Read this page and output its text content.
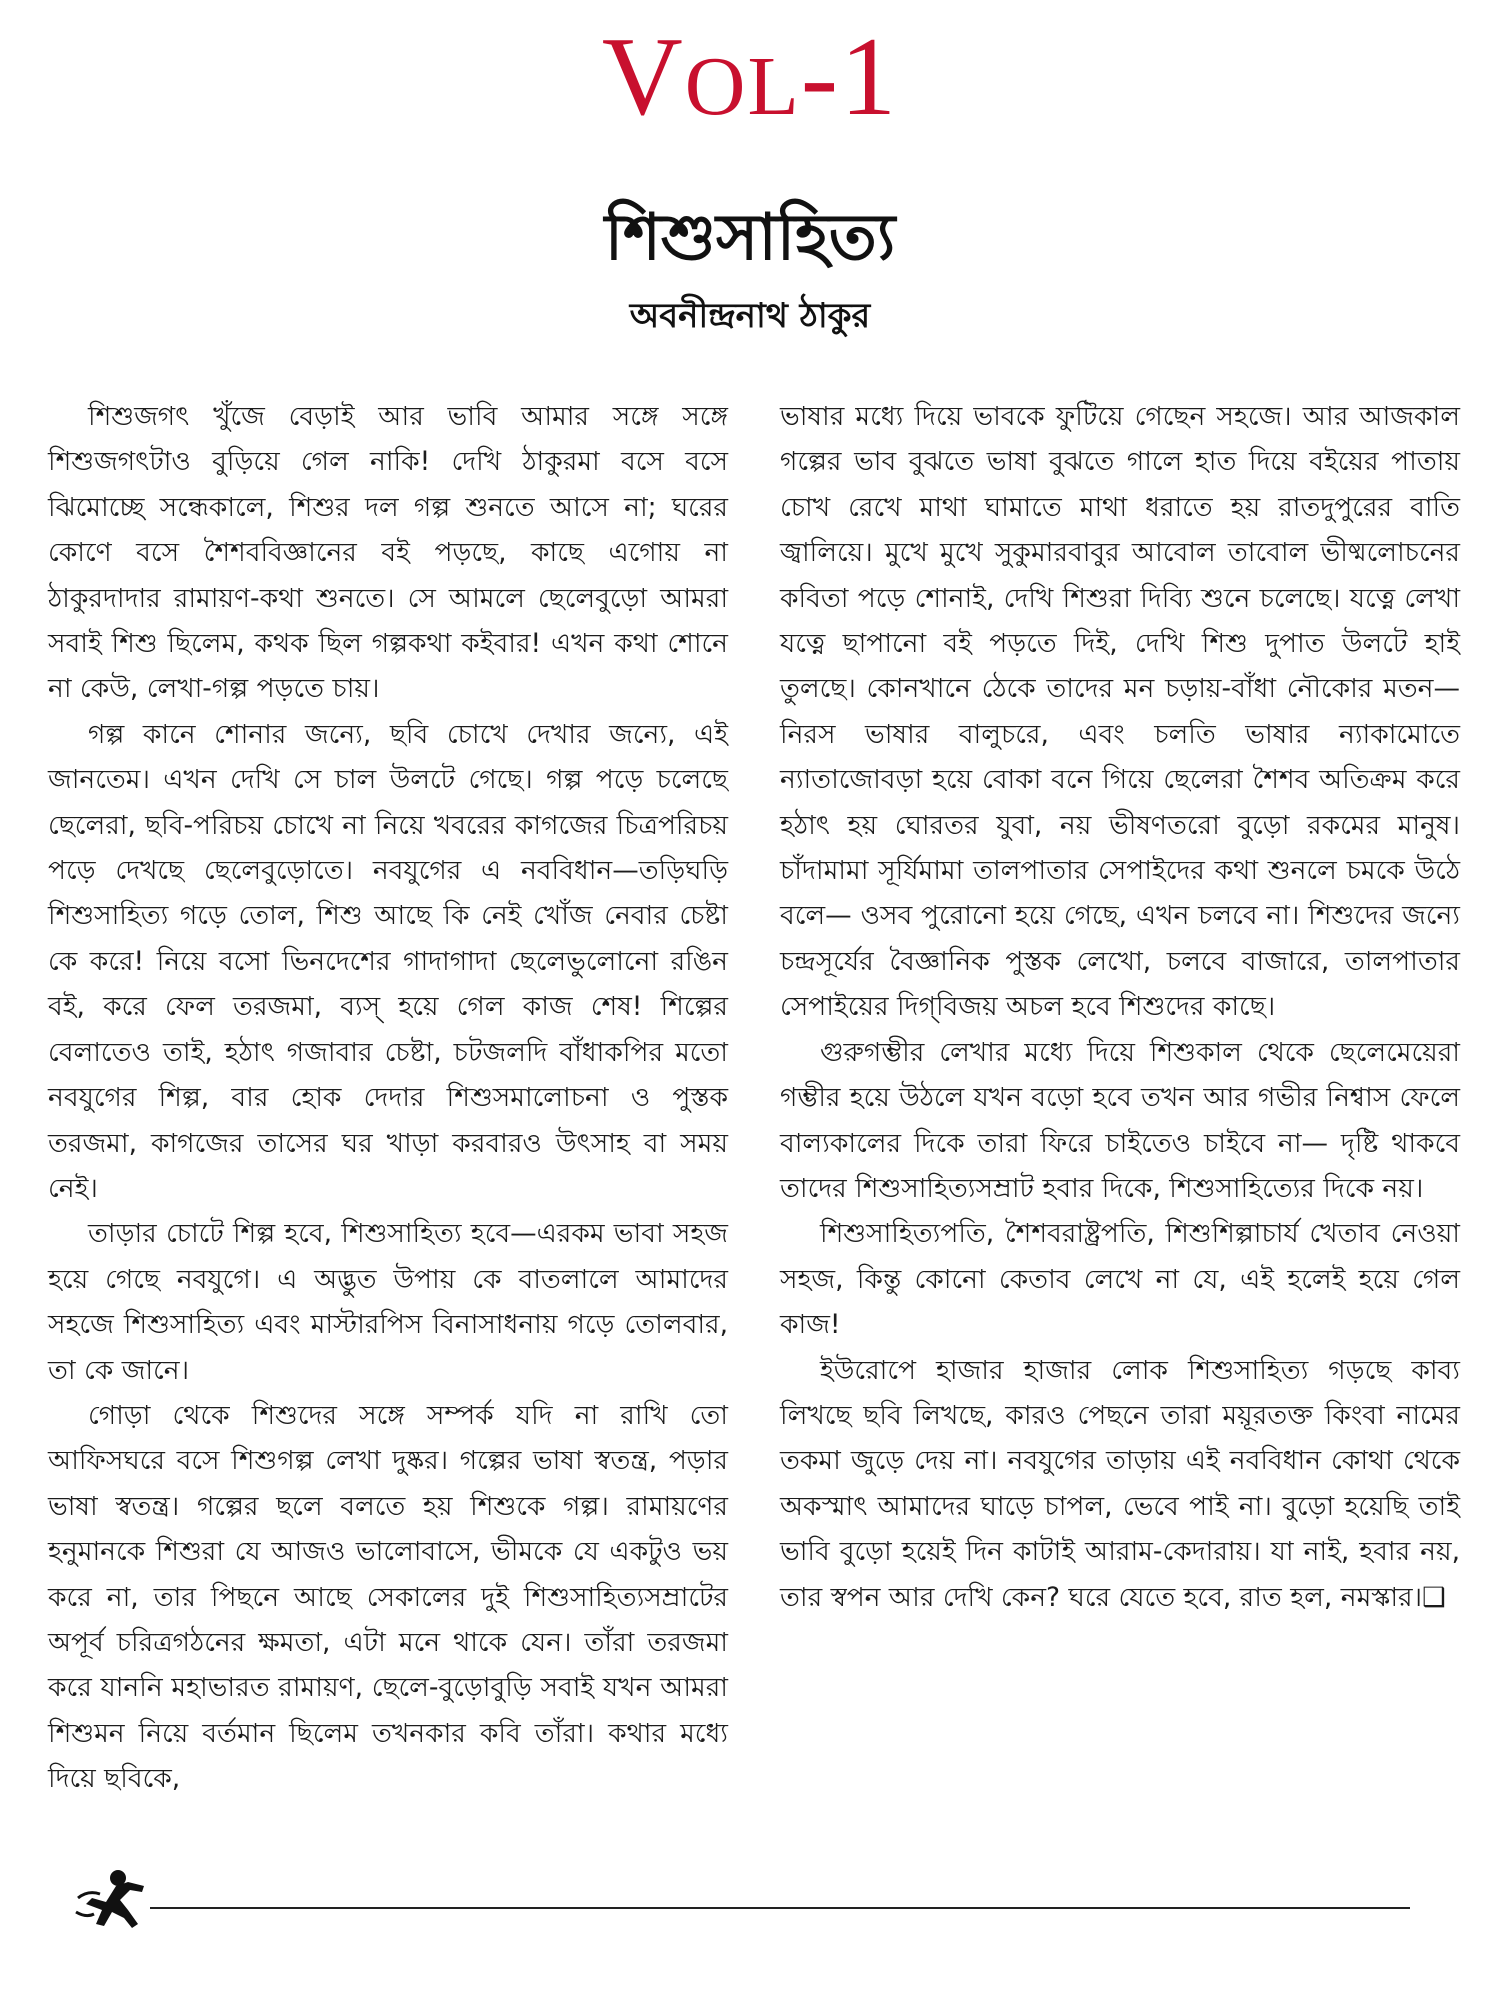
VOL-1
শিশুসাহিত্য
অবনীন্দ্রনাথ ঠাকুর

শিশুজগৎ খুঁজে বেড়াই আর ভাবি আমার সঙ্গে সঙ্গে শিশুজগৎটাও বুড়িয়ে গেল নাকি! দেখি ঠাকুরমা বসে বসে ঝিমোচ্ছে সন্ধেকালে, শিশুর দল গল্প শুনতে আসে না; ঘরের কোণে বসে শৈশববিজ্ঞানের বই পড়ছে, কাছে এগোয় না ঠাকুরদাদার রামায়ণ-কথা শুনতে। সে আমলে ছেলেবুড়ো আমরা সবাই শিশু ছিলেম, কথক ছিল গল্পকথা কইবার! এখন কথা শোনে না কেউ, লেখা-গল্প পড়তে চায়।

গল্প কানে শোনার জন্যে, ছবি চোখে দেখার জন্যে, এই জানতেম। এখন দেখি সে চাল উলটে গেছে। গল্প পড়ে চলেছে ছেলেরা, ছবি-পরিচয় চোখে না নিয়ে খবরের কাগজের চিত্রপরিচয় পড়ে দেখছে ছেলেবুড়োতে। নবযুগের এ নববিধান—তড়িঘড়ি শিশুসাহিত্য গড়ে তোল, শিশু আছে কি নেই খোঁজ নেবার চেষ্টা কে করে! নিয়ে বসো ভিনদেশের গাদাগাদা ছেলেভুলোনো রঙিন বই, করে ফেল তরজমা, ব্যস্ হয়ে গেল কাজ শেষ! শিল্পের বেলাতেও তাই, হঠাৎ গজাবার চেষ্টা, চটজলদি বাঁধাকপির মতো নবযুগের শিল্প, বার হোক দেদার শিশুসমালোচনা ও পুস্তক তরজমা, কাগজের তাসের ঘর খাড়া করবারও উৎসাহ বা সময় নেই।

তাড়ার চোটে শিল্প হবে, শিশুসাহিত্য হবে—এরকম ভাবা সহজ হয়ে গেছে নবযুগে। এ অদ্ভুত উপায় কে বাতলালে আমাদের সহজে শিশুসাহিত্য এবং মাস্টারপিস বিনাসাধনায় গড়ে তোলবার, তা কে জানে।

গোড়া থেকে শিশুদের সঙ্গে সম্পর্ক যদি না রাখি তো আফিসঘরে বসে শিশুগল্প লেখা দুষ্কর। গল্পের ভাষা স্বতন্ত্র, পড়ার ভাষা স্বতন্ত্র। গল্পের ছলে বলতে হয় শিশুকে গল্প। রামায়ণের হনুমানকে শিশুরা যে আজও ভালোবাসে, ভীমকে যে একটুও ভয় করে না, তার পিছনে আছে সেকালের দুই শিশুসাহিত্যসম্রাটের অপূর্ব চরিত্রগঠনের ক্ষমতা, এটা মনে থাকে যেন। তাঁরা তরজমা করে যাননি মহাভারত রামায়ণ, ছেলে-বুড়োবুড়ি সবাই যখন আমরা শিশুমন নিয়ে বর্তমান ছিলেম তখনকার কবি তাঁরা। কথার মধ্যে দিয়ে ছবিকে,

ভাষার মধ্যে দিয়ে ভাবকে ফুটিয়ে গেছেন সহজে। আর আজকাল গল্পের ভাব বুঝতে ভাষা বুঝতে গালে হাত দিয়ে বইয়ের পাতায় চোখ রেখে মাথা ঘামাতে মাথা ধরাতে হয় রাতদুপুরের বাতি জ্বালিয়ে। মুখে মুখে সুকুমারবাবুর আবোল তাবোল ভীষ্মলোচনের কবিতা পড়ে শোনাই, দেখি শিশুরা দিব্যি শুনে চলেছে। যত্নে লেখা যত্নে ছাপানো বই পড়তে দিই, দেখি শিশু দুপাত উলটে হাই তুলছে। কোনখানে ঠেকে তাদের মন চড়ায়-বাঁধা নৌকোর মতন— নিরস ভাষার বালুচরে, এবং চলতি ভাষার ন্যাকামোতে ন্যাতাজোবড়া হয়ে বোকা বনে গিয়ে ছেলেরা শৈশব অতিক্রম করে হঠাৎ হয় ঘোরতর যুবা, নয় ভীষণতরো বুড়ো রকমের মানুষ। চাঁদামামা সূর্যিমামা তালপাতার সেপাইদের কথা শুনলে চমকে উঠে বলে— ওসব পুরোনো হয়ে গেছে, এখন চলবে না। শিশুদের জন্যে চন্দ্রসূর্যের বৈজ্ঞানিক পুস্তক লেখো, চলবে বাজারে, তালপাতার সেপাইয়ের দিগ্‌বিজয় অচল হবে শিশুদের কাছে।

গুরুগম্ভীর লেখার মধ্যে দিয়ে শিশুকাল থেকে ছেলেমেয়েরা গম্ভীর হয়ে উঠলে যখন বড়ো হবে তখন আর গভীর নিশ্বাস ফেলে বাল্যকালের দিকে তারা ফিরে চাইতেও চাইবে না— দৃষ্টি থাকবে তাদের শিশুসাহিত্যসম্রাট হবার দিকে, শিশুসাহিত্যের দিকে নয়।

শিশুসাহিত্যপতি, শৈশবরাষ্ট্রপতি, শিশুশিল্পাচার্য খেতাব নেওয়া সহজ, কিন্তু কোনো কেতাব লেখে না যে, এই হলেই হয়ে গেল কাজ!

ইউরোপে হাজার হাজার লোক শিশুসাহিত্য গড়ছে কাব্য লিখছে ছবি লিখছে, কারও পেছনে তারা ময়ূরতক্ত কিংবা নামের তকমা জুড়ে দেয় না। নবযুগের তাড়ায় এই নববিধান কোথা থেকে অকস্মাৎ আমাদের ঘাড়ে চাপল, ভেবে পাই না। বুড়ো হয়েছি তাই ভাবি বুড়ো হয়েই দিন কাটাই আরাম-কেদারায়। যা নাই, হবার নয়, তার স্বপন আর দেখি কেন? ঘরে যেতে হবে, রাত হল, নমস্কার।❑
